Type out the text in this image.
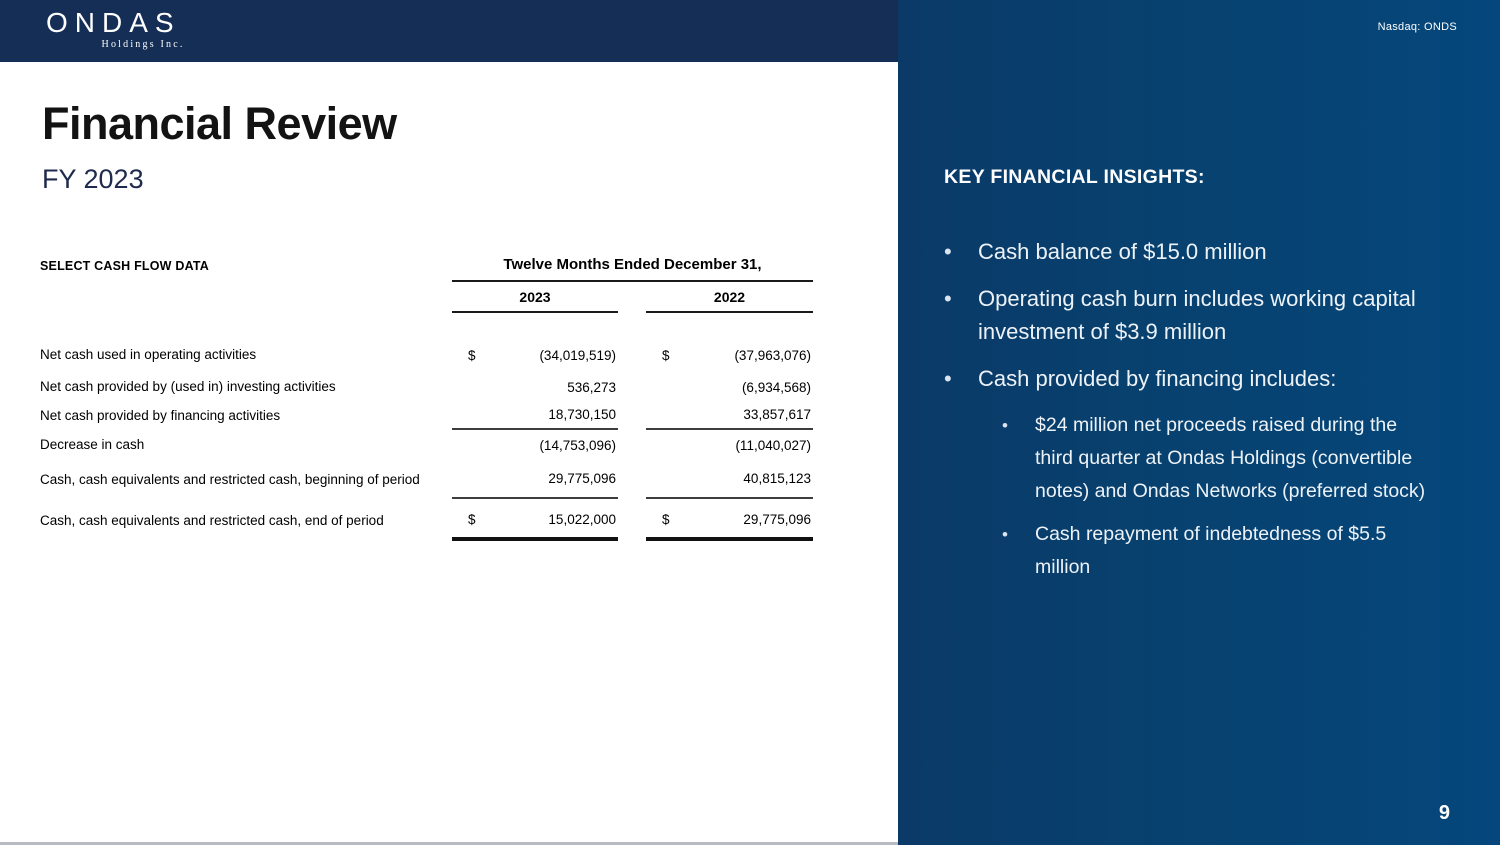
ONDAS
Holdings Inc.
Financial Review
FY 2023
SELECT CASH FLOW DATA	Twelve Months Ended December 31,
2023	2022
Net cash used in operating activities	$	(34,019,519)	$	(37,963,076)
Net cash provided by (used in) investing activities	536,273	(6,934,568)
Net cash provided by financing activities	18,730,150	33,857,617
Decrease in cash	(14,753,096)	(11,040,027)
Cash, cash equivalents and restricted cash, beginning of period	29,775,096	40,815,123
Cash, cash equivalents and restricted cash, end of period	$	15,022,000	$	29,775,096
Nasdaq: ONDS
KEY FINANCIAL INSIGHTS:
•	Cash balance of $15.0 million
•	Operating cash burn includes working capital investment of $3.9 million
•	Cash provided by financing includes:
•	$24 million net proceeds raised during the third quarter at Ondas Holdings (convertible notes) and Ondas Networks (preferred stock)
•	Cash repayment of indebtedness of $5.5 million
9
